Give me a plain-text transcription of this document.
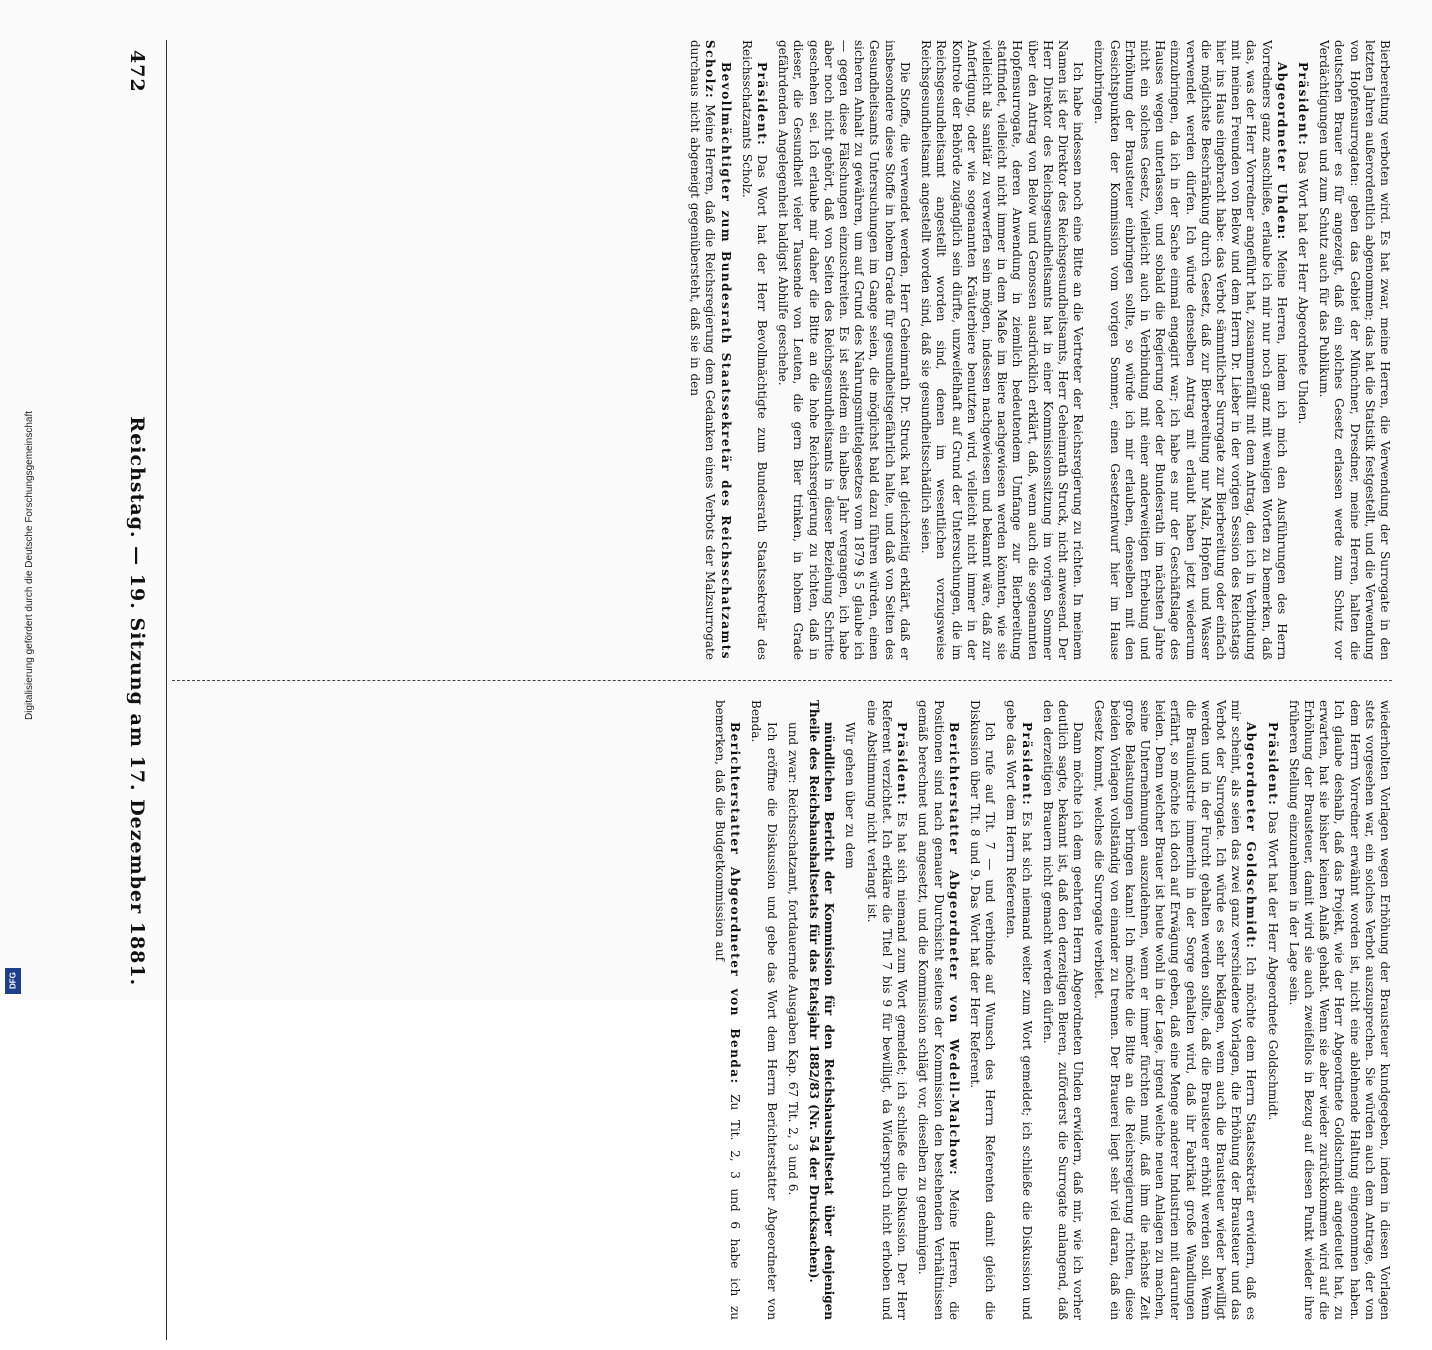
472
Reichstag. — 19. Sitzung am 17. Dezember 1881.

Bierbereitung verboten wird. Es hat zwar, meine Herren, die Verwendung der Surrogate in den letzten Jahren außerordentlich abgenommen; das hat die Statistik festgestellt, und die Verwendung von Hopfensurrogaten: geben das Gebiet der Münchner, Dresdner, meine Herren, halten die deutschen Brauer es für angezeigt, daß ein solches Gesetz erlassen werde zum Schutz vor Verdächtigungen und zum Schutz auch für das Publikum.

Präsident: Das Wort hat der Herr Abgeordnete Uhden.

Abgeordneter Uhden: Meine Herren, indem ich mich den Ausführungen des Herrn Vorredners ganz anschließe, erlaube ich mir nur noch ganz mit wenigen Worten zu bemerken, daß das, was der Herr Vorredner angeführt hat, zusammenfällt mit dem Antrag, den ich in Verbindung mit meinen Freunden von Below und dem Herrn Dr. Lieber in der vorigen Session des Reichstags hier ins Haus eingebracht habe: das Verbot sämmtlicher Surrogate zur Bierbereitung oder einfach die möglichste Beschränkung durch Gesetz, daß zur Bierbereitung nur Malz, Hopfen und Wasser verwendet werden dürfen. Ich würde denselben Antrag mit erlaubt haben jetzt wiederum einzubringen, da ich in der Sache einmal engagirt war; ich habe es nur der Geschäftslage des Hauses wegen unterlassen, und sobald die Regierung oder der Bundesrath im nächsten Jahre nicht ein solches Gesetz, vielleicht auch in Verbindung mit einer anderweitigen Erhebung und Erhöhung der Brausteuer einbringen sollte, so würde ich mir erlauben, denselben mit den Gesichtspunkten der Kommission vom vorigen Sommer, einen Gesetzentwurf hier im Hause einzubringen.

Ich habe indessen noch eine Bitte an die Vertreter der Reichsregierung zu richten. In meinem Namen ist der Direktor des Reichsgesundheitsamts, Herr Geheimrath Struck, nicht anwesend. Der Herr Direktor des Reichsgesundheitsamts hat in einer Kommissionssitzung im vorigen Sommer über den Antrag von Below und Genossen ausdrücklich erklärt, daß, wenn auch die sogenannten Hopfensurrogate, deren Anwendung in ziemlich bedeutendem Umfange zur Bierbereitung stattfindet, vielleicht nicht immer in dem Maße im Biere nachgewiesen werden könnten, wie sie vielleicht als sanitär zu verwerfen sein mögen, indessen nachgewiesen und bekannt wäre, daß zur Anfertigung, oder wie sogenannten Kräuterbiere benutzten wird, vielleicht nicht immer in der Kontrole der Behörde zugänglich sein dürfte, unzweifelhaft auf Grund der Untersuchungen, die im Reichsgesundheitsamt angestellt worden sind, denen im wesentlichen vorzugsweise Reichsgesundheitsamt angestellt worden sind, daß sie gesundheitsschädlich seien.

Die Stoffe, die verwendet werden, Herr Geheimrath Dr. Struck hat gleichzeitig erklärt, daß er insbesondere diese Stoffe in hohem Grade für gesundheitsgefährlich halte, und daß von Seiten des Gesundheitsamts Untersuchungen im Gange seien, die möglichst bald dazu führen würden, einen sicheren Anhalt zu gewähren, um auf Grund des Nahrungsmittelgesetzes vom 1879 § 5 glaube ich — gegen diese Fälschungen einzuschreiten. Es ist seitdem ein halbes Jahr vergangen, ich habe aber noch nicht gehört, daß von Seiten des Reichsgesundheitsamts in dieser Beziehung Schritte geschehen sei. Ich erlaube mir daher die Bitte an die hohe Reichsregierung zu richten, daß in dieser, die Gesundheit vieler Tausende von Leuten, die gern Bier trinken, in hohem Grade gefährdenden Angelegenheit baldigst Abhilfe geschehe.

Präsident: Das Wort hat der Herr Bevollmächtigte zum Bundesrath Staatssekretär des Reichsschatzamts Scholz.

Bevollmächtigter zum Bundesrath Staatssekretär des Reichsschatzamts Scholz: Meine Herren, daß die Reichsregierung dem Gedanken eines Verbots der Malzsurrogate durchaus nicht abgeneigt gegenübersteht, daß sie in den

wiederholten Vorlagen wegen Erhöhung der Brausteuer kundgegeben, indem in diesen Vorlagen stets vorgesehen war, ein solches Verbot auszusprechen. Sie würden auch dem Antrage, der von dem Herrn Vorredner erwähnt worden ist, nicht eine ablehnende Haltung eingenommen haben. Ich glaube deshalb, daß das Projekt, wie der Herr Abgeordnete Goldschmidt angedeutet hat, zu erwarten, hat sie bisher keinen Anlaß gehabt. Wenn sie aber wieder zurückkommen wird auf die Erhöhung der Brausteuer, damit wird sie auch zweifellos in Bezug auf diesen Punkt wieder ihre früheren Stellung einzunehmen in der Lage sein.

Präsident: Das Wort hat der Herr Abgeordnete Goldschmidt.

Abgeordneter Goldschmidt: Ich möchte dem Herrn Staatssekretär erwidern, daß es mir scheint, als seien das zwei ganz verschiedene Vorlagen, die Erhöhung der Brausteuer und das Verbot der Surrogate. Ich würde es sehr beklagen, wenn auch die Brausteuer wieder bewilligt werden und in der Furcht gehalten werden sollte, daß die Brausteuer erhöht werden soll. Wenn die Brauindustrie immerhin in der Sorge gehalten wird, daß ihr Fabrikat große Wandlungen erfährt, so möchte ich doch auf Erwägung geben, daß eine Menge anderer Industrien mit darunter leiden. Denn welcher Brauer ist heute wohl in der Lage, irgend welche neuen Anlagen zu machen, seine Unternehmungen auszudehnen, wenn er immer fürchten muß, daß ihm die nächste Zeit große Belastungen bringen kann! Ich möchte die Bitte an die Reichsregierung richten, diese beiden Vorlagen vollständig von einander zu trennen. Der Brauerei liegt sehr viel daran, daß ein Gesetz kommt, welches die Surrogate verbietet.

Dann möchte ich dem geehrten Herrn Abgeordneten Uhden erwidern, daß mir, wie ich vorher deutlich sagte, bekannt ist, daß den derzeitigen Bieren, zuförderst die Surrogate anlangend, daß den derzeitigen Brauern nicht gemacht werden dürfen.

Präsident: Es hat sich niemand weiter zum Wort gemeldet; ich schließe die Diskussion und gebe das Wort dem Herrn Referenten.

Ich rufe auf Tit. 7 — und verbinde auf Wunsch des Herrn Referenten damit gleich die Diskussion über Tit. 8 und 9. Das Wort hat der Herr Referent.

Berichterstatter Abgeordneter von Wedell-Malchow: Meine Herren, die Positionen sind nach genauer Durchsicht seitens der Kommission den bestehenden Verhältnissen gemäß berechnet und angesetzt, und die Kommission schlägt vor, dieselben zu genehmigen.

Präsident: Es hat sich niemand zum Wort gemeldet; ich schließe die Diskussion. Der Herr Referent verzichtet. Ich erkläre die Titel 7 bis 9 für bewilligt, da Widerspruch nicht erhoben und eine Abstimmung nicht verlangt ist.

Wir gehen über zu dem

mündlichen Bericht der Kommission für den Reichshaushaltsetat über denjenigen Theile des Reichshaushaltsetats für das Etatsjahr 1882/83 (Nr. 54 der Drucksachen).

und zwar: Reichsschatzamt, fortdauernde Ausgaben Kap. 67 Tit. 2, 3 und 6.

Ich eröffne die Diskussion und gebe das Wort dem Herrn Berichterstatter Abgeordneter von Benda.

Berichterstatter Abgeordneter von Benda: Zu Tit. 2, 3 und 6 habe ich zu bemerken, daß die Budgetkommission auf

Digitalisierung gefördert durch die Deutsche Forschungsgemeinschaft
DFG
